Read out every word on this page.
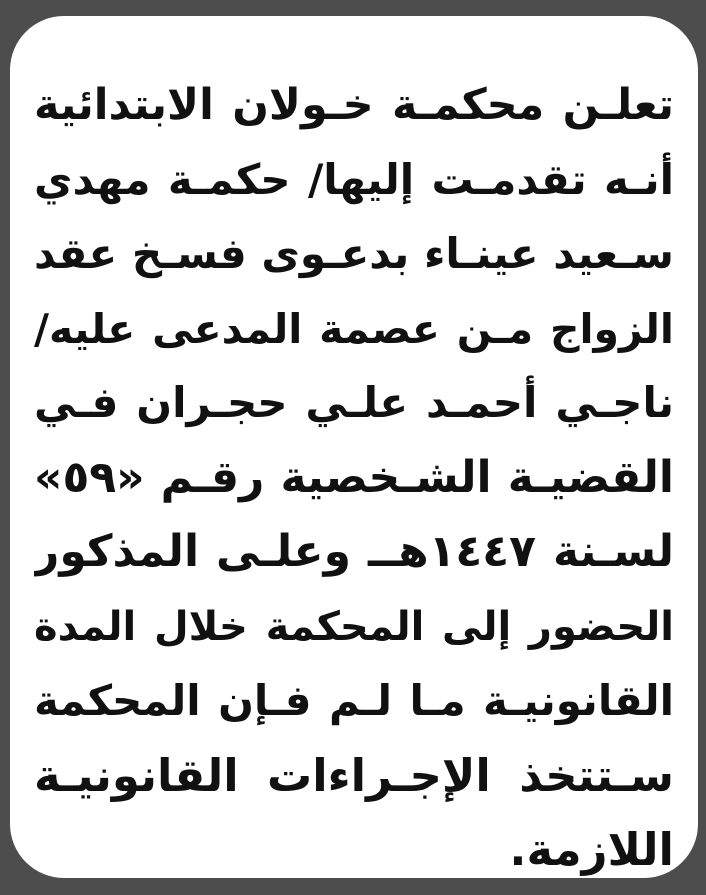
تعلـن محكمـة خـولان الابتدائية
أنـه تقدمـت إليها/ حكمـة مهدي
سـعيد عينـاء بدعـوى فسـخ عقد
الزواج مـن عصمة المدعى عليه/
ناجـي أحمـد علـي حجـران فـي
القضيـة الشـخصية رقـم «٥٩»
لسـنة ١٤٤٧هــ وعلـى المذكور
الحضور إلى المحكمة خلال المدة
القانونيـة مـا لـم فـإن المحكمة
سـتتخذ الإجـراءات القانونيـة
اللازمة.
